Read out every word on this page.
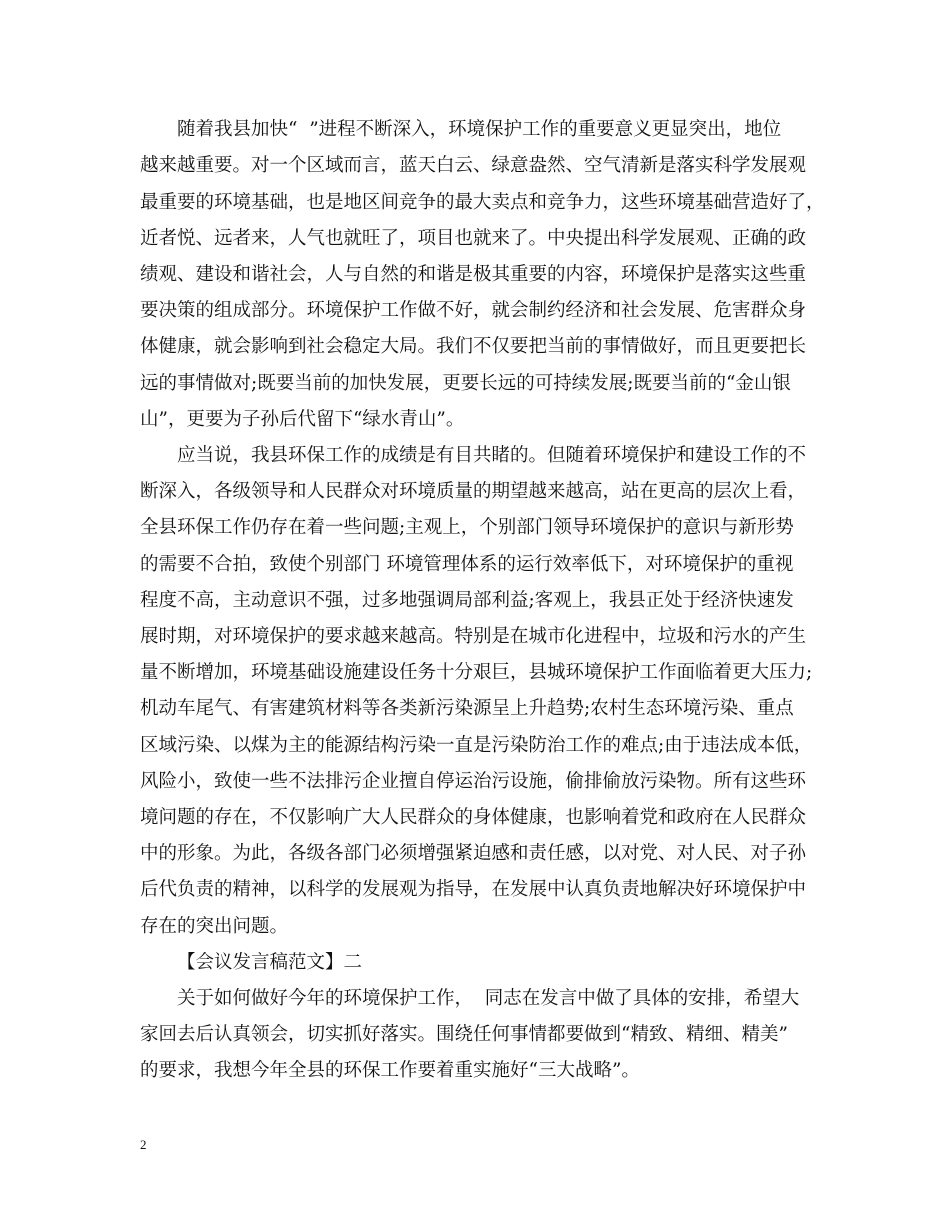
随着我县加快“  ”进程不断深入，环境保护工作的重要意义更显突出，地位
越来越重要。对一个区域而言，蓝天白云、绿意盎然、空气清新是落实科学发展观
最重要的环境基础，也是地区间竞争的最大卖点和竞争力，这些环境基础营造好了，
近者悦、远者来，人气也就旺了，项目也就来了。中央提出科学发展观、正确的政
绩观、建设和谐社会，人与自然的和谐是极其重要的内容，环境保护是落实这些重
要决策的组成部分。环境保护工作做不好，就会制约经济和社会发展、危害群众身
体健康，就会影响到社会稳定大局。我们不仅要把当前的事情做好，而且更要把长
远的事情做对;既要当前的加快发展，更要长远的可持续发展;既要当前的“金山银
山”，更要为子孙后代留下“绿水青山”。
应当说，我县环保工作的成绩是有目共睹的。但随着环境保护和建设工作的不
断深入，各级领导和人民群众对环境质量的期望越来越高，站在更高的层次上看，
全县环保工作仍存在着一些问题;主观上，个别部门领导环境保护的意识与新形势
的需要不合拍，致使个别部门 环境管理体系的运行效率低下，对环境保护的重视
程度不高，主动意识不强，过多地强调局部利益;客观上，我县正处于经济快速发
展时期，对环境保护的要求越来越高。特别是在城市化进程中，垃圾和污水的产生
量不断增加，环境基础设施建设任务十分艰巨，县城环境保护工作面临着更大压力;
机动车尾气、有害建筑材料等各类新污染源呈上升趋势;农村生态环境污染、重点
区域污染、以煤为主的能源结构污染一直是污染防治工作的难点;由于违法成本低，
风险小，致使一些不法排污企业擅自停运治污设施，偷排偷放污染物。所有这些环
境问题的存在，不仅影响广大人民群众的身体健康，也影响着党和政府在人民群众
中的形象。为此，各级各部门必须增强紧迫感和责任感，以对党、对人民、对子孙
后代负责的精神，以科学的发展观为指导，在发展中认真负责地解决好环境保护中
存在的突出问题。
【会议发言稿范文】二
关于如何做好今年的环境保护工作，  同志在发言中做了具体的安排，希望大
家回去后认真领会，切实抓好落实。围绕任何事情都要做到“精致、精细、精美”
的要求，我想今年全县的环保工作要着重实施好“三大战略”。
2
